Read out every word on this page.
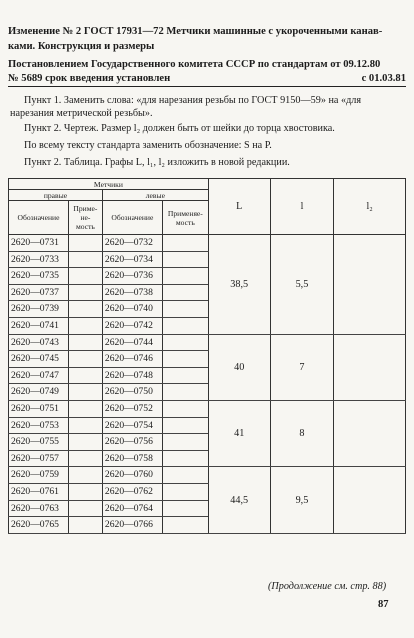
Изменение № 2 ГОСТ 17931—72 Метчики машинные с укороченными канав-
ками. Конструкция и размеры
Постановлением Государственного комитета СССР по стандартам от 09.12.80
№ 5689 срок введения установлен	с 01.03.81
Пункт 1. Заменить слова: «для нарезания резьбы по ГОСТ 9150—59» на «для нарезания метрической резьбы».
Пункт 2. Чертеж. Размер l₂ должен быть от шейки до торца хвостовика.
По всему тексту стандарта заменить обозначение: S на P.
Пункт 2. Таблица. Графы L, l₁, l₂ изложить в новой редакции.
Метчики				L	l	l₂
правые		левые				
Обозначение	Приме-
не-
мость	Обозначение	Применяе-
мость			
2620—0731		2620—0732		38,5	5,5	
2620—0733		2620—0734				
2620—0735		2620—0736				
2620—0737		2620—0738				
2620—0739		2620—0740				
2620—0741		2620—0742				
2620—0743		2620—0744		40	7	
2620—0745		2620—0746				
2620—0747		2620—0748				
2620—0749		2620—0750				
2620—0751		2620—0752		41	8	
2620—0753		2620—0754				
2620—0755		2620—0756				
2620—0757		2620—0758				
2620—0759		2620—0760		44,5	9,5	
2620—0761		2620—0762				
2620—0763		2620—0764				
2620—0765		2620—0766				
(Продолжение см. стр. 88)
87
